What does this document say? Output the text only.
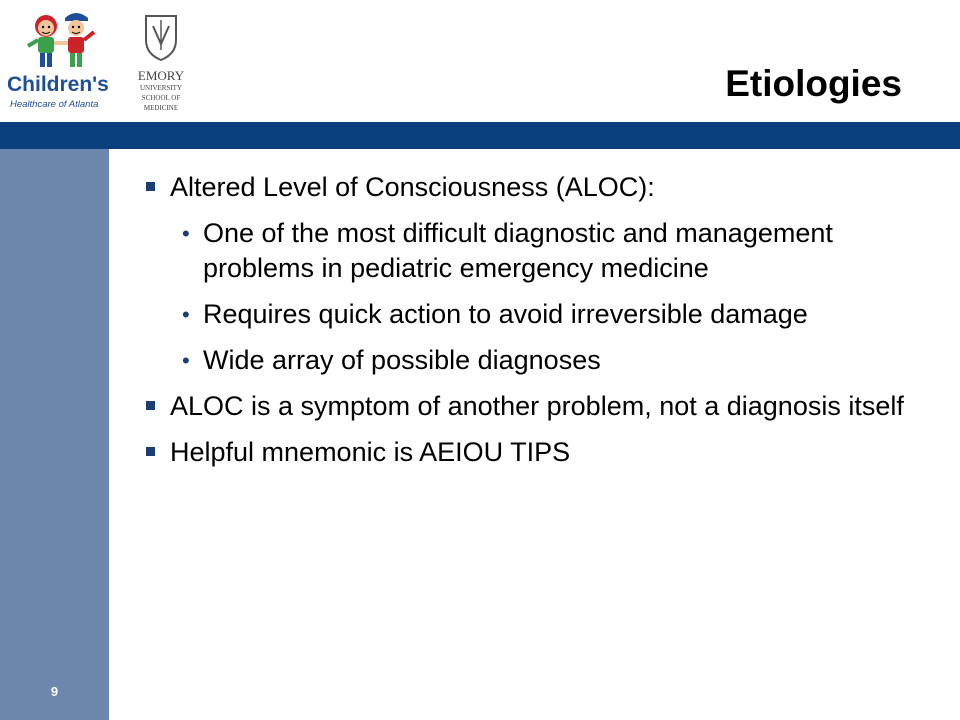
Children's
Healthcare of Atlanta
EMORY
UNIVERSITY
SCHOOL OF
MEDICINE
Etiologies
Altered Level of Consciousness (ALOC):
• One of the most difficult diagnostic and management problems in pediatric emergency medicine
• Requires quick action to avoid irreversible damage
• Wide array of possible diagnoses
ALOC is a symptom of another problem, not a diagnosis itself
Helpful mnemonic is AEIOU TIPS
9
